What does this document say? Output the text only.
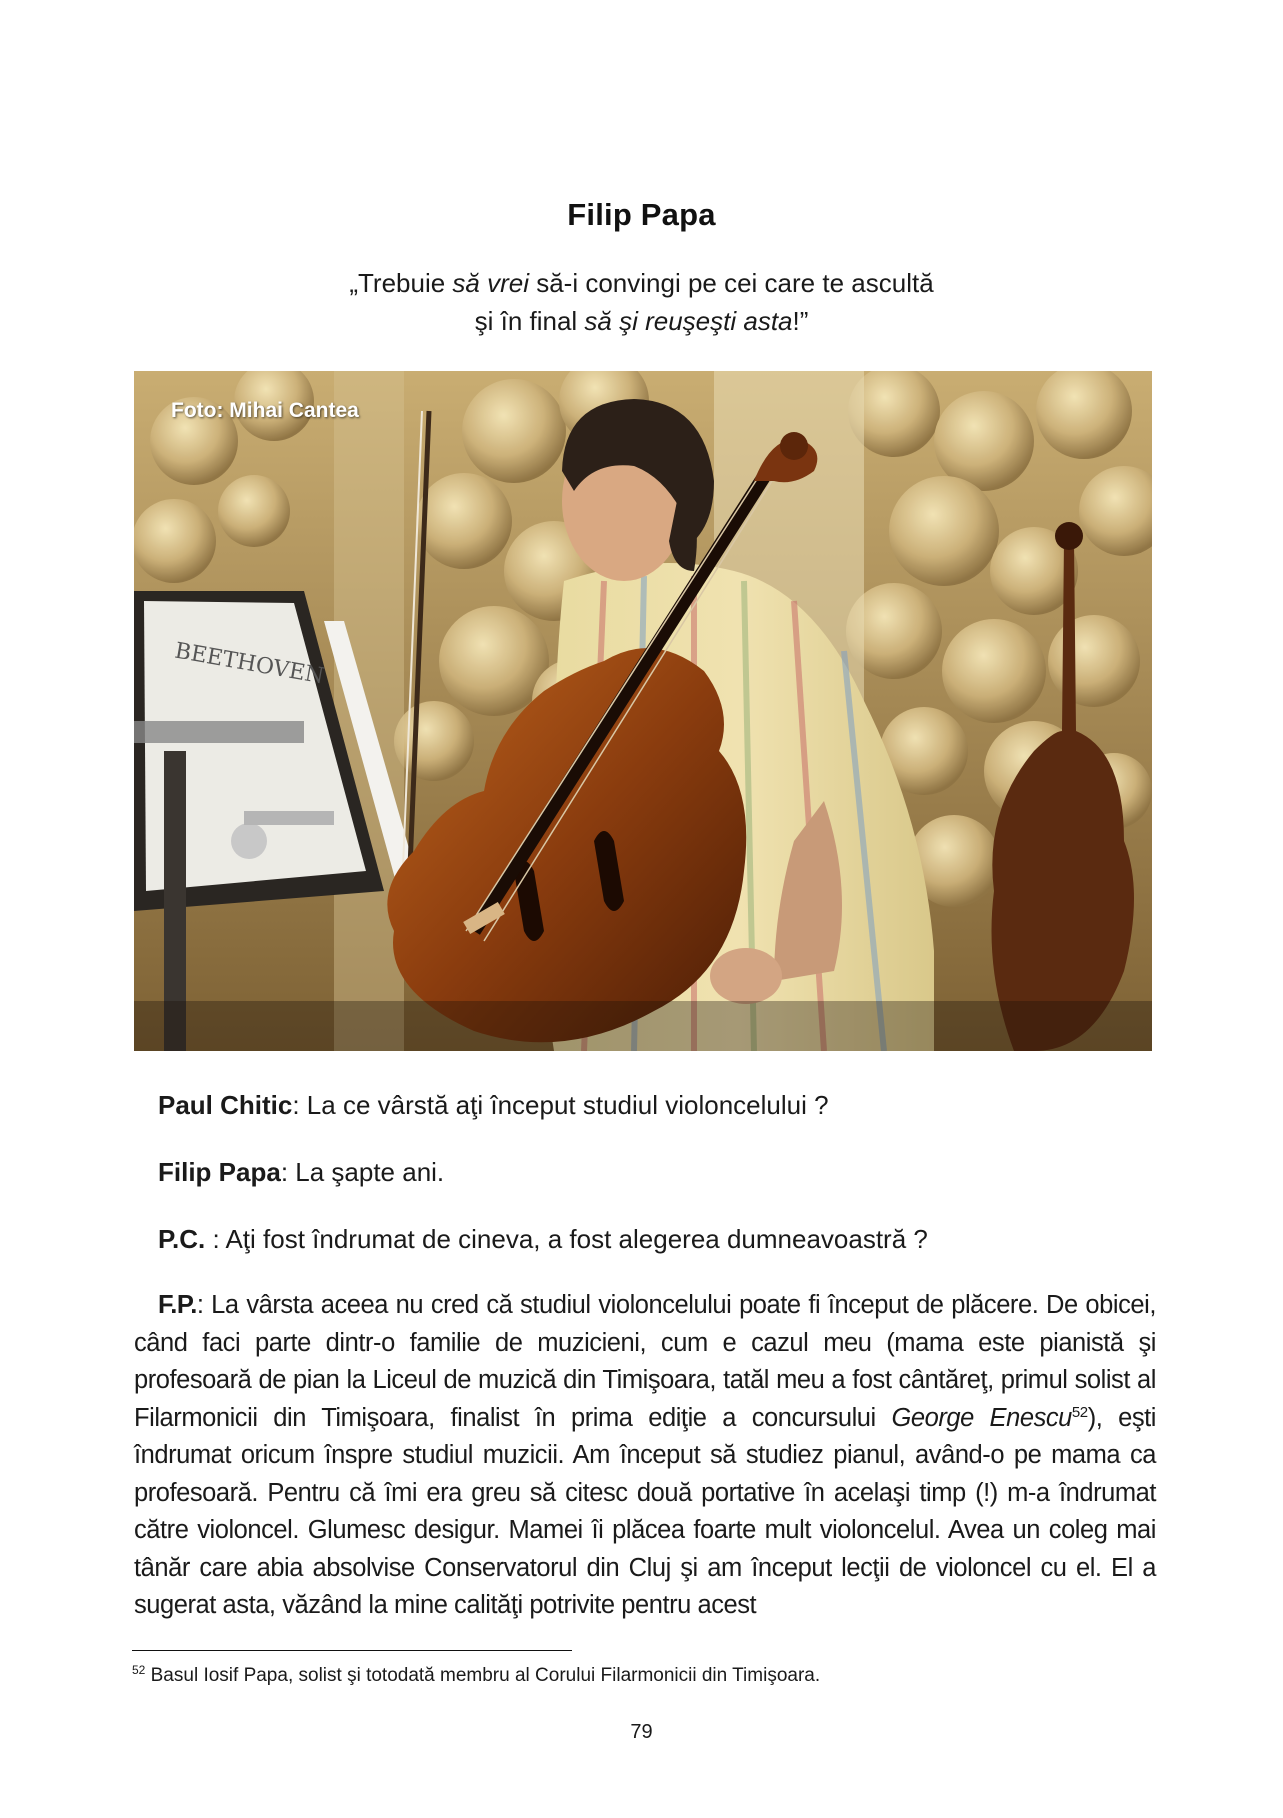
Filip Papa
„Trebuie să vrei să-i convingi pe cei care te ascultă
şi în final să şi reuşeşti asta!”
BEETHOVEN
Foto: Mihai Cantea
Paul Chitic: La ce vârstă aţi început studiul violoncelului ?
Filip Papa: La şapte ani.
P.C. : Aţi fost îndrumat de cineva, a fost alegerea dumneavoastră ?
F.P.: La vârsta aceea nu cred că studiul violoncelului poate fi început de plăcere. De obicei, când faci parte dintr-o familie de muzicieni, cum e cazul meu (mama este pianistă şi profesoară de pian la Liceul de muzică din Timişoara, tatăl meu a fost cântăreţ, primul solist al Filarmonicii din Timişoara, finalist în prima ediţie a concursului George Enescu$^{52}$), eşti îndrumat oricum înspre studiul muzicii. Am început să studiez pianul, având-o pe mama ca profesoară. Pentru că îmi era greu să citesc două portative în acelaşi timp (!) m-a îndrumat către violoncel. Glumesc desigur. Mamei îi plăcea foarte mult violoncelul. Avea un coleg mai tânăr care abia absolvise Conservatorul din Cluj şi am început lecţii de violoncel cu el. El a sugerat asta, văzând la mine calităţi potrivite pentru acest
$^{52}$ Basul Iosif Papa, solist şi totodată membru al Corului Filarmonicii din Timişoara.
79
